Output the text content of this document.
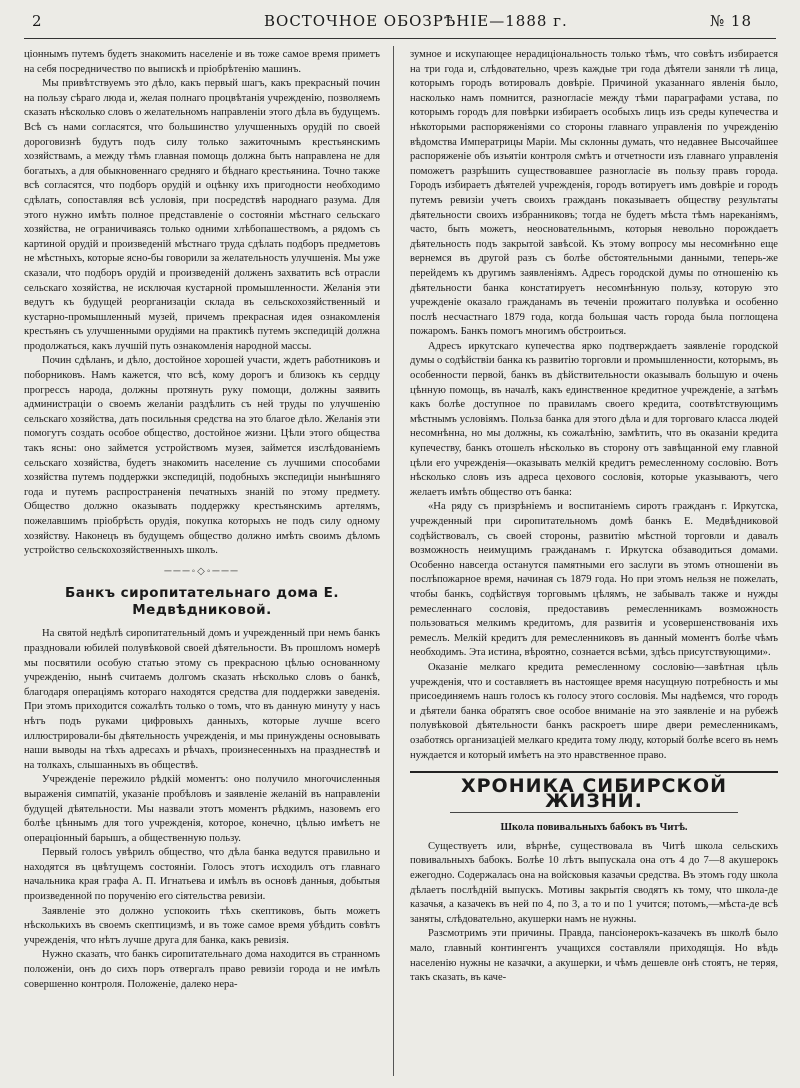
2	ВОСТОЧНОЕ ОБОЗРѢНІЕ—1888 г.	№ 18

ціоннымъ путемъ будетъ знакомить населеніе и въ тоже самое время приметъ на себя посредничество по выпискѣ и пріобрѣтенію машинъ.

Мы привѣтствуемъ это дѣло, какъ первый шагъ, какъ прекрасный почин на пользу сѣраго люда и, желая полнаго процвѣтанія учрежденію, позволяемъ сказать нѣсколько словъ о желательномъ направленіи этого дѣла въ будущемъ. Всѣ съ нами согласятся, что большинство улучшенныхъ орудій по своей дороговизнѣ будутъ подъ силу только зажиточнымъ крестьянскимъ хозяйствамъ, а между тѣмъ главная помощь должна быть направлена не для богатыхъ, а для обыкновеннаго средняго и бѣднаго крестьянина. Точно также всѣ согласятся, что подборъ орудій и оцѣнку ихъ пригодности необходимо сдѣлать, сопоставляя всѣ условія, при посредствѣ народнаго разума. Для этого нужно имѣть полное представленіе о состояніи мѣстнаго сельскаго хозяйства, не ограничиваясь только одними хлѣбопашествомъ, а рядомъ съ картиной орудій и произведеній мѣстнаго труда сдѣлать подборъ предметовъ не мѣстныхъ, которые ясно-бы говорили за желательность улучшенія. Мы уже сказали, что подборъ орудій и произведеній долженъ захватить всѣ отрасли сельскаго хозяйства, не исключая кустарной промышленности. Желанія эти ведутъ къ будущей реорганизаціи склада въ сельскохозяйственный и кустарно-промышленный музей, причемъ прекрасная идея ознакомленія крестьянъ съ улучшенными орудіями на практикѣ путемъ экспедицій должна продолжаться, какъ лучшій путь ознакомленія народной массы.

Почин сдѣланъ, и дѣло, достойное хорошей участи, ждетъ работниковъ и поборниковъ. Намъ кажется, что всѣ, кому дорогъ и близокъ къ сердцу прогрессъ народа, должны протянуть руку помощи, должны заявить администраціи о своемъ желаніи раздѣлить съ ней труды по улучшенію сельскаго хозяйства, дать посильныя средства на это благое дѣло. Желанія эти помогутъ создать особое общество, достойное жизни. Цѣли этого общества такъ ясны: оно займется устройствомъ музея, займется изслѣдованіемъ сельскаго хозяйства, будетъ знакомить население съ лучшими способами хозяйства путемъ поддержки экспедицій, подобныхъ экспедиціи нынѣшняго года и путемъ распространенія печатныхъ знаній по этому предмету. Общество должно оказывать поддержку крестьянскимъ артелямъ, пожелавшимъ пріобрѣсть орудія, покупка которыхъ не подъ силу одному хозяйству. Наконецъ въ будущемъ общество должно имѣть своимъ дѣломъ устройство сельскохозяйственныхъ школъ.

───◦◇◦───
Банкъ сиропитательнаго дома Е. Медвѣдниковой.

На святой недѣлѣ сиропитательный домъ и учрежденный при немъ банкъ праздновали юбилей полувѣковой своей дѣятельности. Въ прошломъ номерѣ мы посвятили особую статью этому съ прекрасною цѣлью основанному учрежденію, нынѣ считаемъ долгомъ сказать нѣсколько словъ о банкѣ, благодаря операціямъ котораго находятся средства для поддержки заведенія. При этомъ приходится сожалѣть только о томъ, что въ данную минуту у насъ нѣтъ подъ руками цифровыхъ данныхъ, которые лучше всего иллюстрировали-бы дѣятельность учрежденія, и мы принуждены основывать наши выводы на тѣхъ адресахъ и рѣчахъ, произнесенныхъ на празднествѣ и на толкахъ, слышанныхъ въ обществѣ.

Учрежденіе пережило рѣдкій моментъ: оно получило многочисленныя выраженія симпатій, указаніе пробѣловъ и заявленіе желаній въ направленіи будущей дѣятельности. Мы назвали этотъ моментъ рѣдкимъ, назовемъ его болѣе цѣннымъ для того учрежденія, которое, конечно, цѣлью имѣетъ не операціонный барышъ, а общественную пользу.

Первый голосъ увѣрилъ общество, что дѣла банка ведутся правильно и находятся въ цвѣтущемъ состояніи. Голосъ этотъ исходилъ отъ главнаго начальника края графа А. П. Игнатьева и имѣлъ въ основѣ данныя, добытыя произведенной по порученію его сіятельства ревизіи.

Заявленіе это должно успокоить тѣхъ скептиковъ, быть можетъ нѣсколькихъ въ своемъ скептицизмѣ, и въ тоже самое время убѣдить совѣтъ учрежденія, что нѣтъ лучше друга для банка, какъ ревизія.

Нужно сказать, что банкъ сиропитательнаго дома находится въ странномъ положеніи, онъ до сихъ поръ отвергалъ право ревизіи города и не имѣлъ совершенно контроля. Положеніе, далеко нера-

зумное и искупающее нерадиціональность только тѣмъ, что совѣтъ избирается на три года и, слѣдовательно, чрезъ каждые три года дѣятели заняли тѣ лица, которымъ городъ вотировалъ довѣріе. Причиной указаннаго явленія было, насколько намъ помнится, разногласіе между тѣми параграфами устава, по которымъ городъ для повѣрки избираетъ особыхъ лицъ изъ среды купечества и нѣкоторыми распоряженіями со стороны главнаго управленія по учрежденію вѣдомства Императрицы Маріи. Мы склонны думать, что недавнее Высочайшее распоряженіе объ изъятіи контроля смѣтъ и отчетности изъ главнаго управленія поможетъ разрѣшить существовавшее разногласіе въ пользу правъ города. Городъ избираетъ дѣятелей учрежденія, городъ вотируетъ имъ довѣріе и городъ путемъ ревизіи учетъ своихъ гражданъ показываетъ обществу результаты дѣятельности своихъ избранниковъ; тогда не будетъ мѣста тѣмъ нареканіямъ, часто, быть можетъ, неосновательнымъ, которыя невольно порождаетъ дѣятельность подъ закрытой завѣсой. Къ этому вопросу мы несомнѣнно еще вернемся въ другой разъ съ болѣе обстоятельными данными, теперь-же перейдемъ къ другимъ заявленіямъ. Адресъ городской думы по отношенію къ дѣятельности банка констатируетъ несомнѣнную пользу, которую это учрежденіе оказало гражданамъ въ теченіи прожитаго полувѣка и особенно послѣ несчастнаго 1879 года, когда большая часть города была поглощена пожаромъ. Банкъ помогъ многимъ обстроиться.

Адресъ иркутскаго купечества ярко подтверждаетъ заявленіе городской думы о содѣйствіи банка къ развитію торговли и промышленности, которымъ, въ особенности первой, банкъ въ дѣйствительности оказывалъ большую и очень цѣнную помощь, въ началѣ, какъ единственное кредитное учрежденіе, а затѣмъ какъ болѣе доступное по правиламъ своего кредита, соотвѣтствующимъ мѣстнымъ условіямъ. Польза банка для этого дѣла и для торговаго класса людей несомнѣнна, но мы должны, къ сожалѣнію, замѣтить, что въ оказаніи кредита купечеству, банкъ отошелъ нѣсколько въ сторону отъ завѣщанной ему главной цѣли его учрежденія—оказывать мелкій кредитъ ремесленному сословію. Вотъ нѣсколько словъ изъ адреса цехового сословія, которые указываютъ, чего желаетъ имѣть общество отъ банка:

«На ряду съ призрѣніемъ и воспитаніемъ сиротъ гражданъ г. Иркутска, учрежденный при сиропитательномъ домѣ банкъ Е. Медвѣдниковой содѣйствовалъ, съ своей стороны, развитію мѣстной торговли и давалъ возможность неимущимъ гражданамъ г. Иркутска обзаводиться домами. Особенно навсегда останутся памятными его заслуги въ этомъ отношеніи въ послѣпожарное время, начиная съ 1879 года. Но при этомъ нельзя не пожелать, чтобы банкъ, содѣйствуя торговымъ цѣлямъ, не забывалъ также и нужды ремесленнаго сословія, предоставивъ ремесленникамъ возможность пользоваться мелкимъ кредитомъ, для развитія и усовершенствованія ихъ ремеслъ. Мелкій кредитъ для ремесленниковъ въ данный моментъ болѣе чѣмъ необходимъ. Эта истина, вѣроятно, сознается всѣми, здѣсь присутствующими».

Оказаніе мелкаго кредита ремесленному сословію—завѣтная цѣль учрежденія, что и составляетъ въ настоящее время насущную потребность и мы присоединяемъ нашъ голосъ къ голосу этого сословія. Мы надѣемся, что городъ и дѣятели банка обратятъ свое особое вниманіе на это заявленіе и на рубежѣ полувѣковой дѣятельности банкъ раскроетъ шире двери ремесленникамъ, озаботясь организаціей мелкаго кредита тому люду, который болѣе всего въ немъ нуждается и который имѣетъ на это нравственное право.

ХРОНИКА СИБИРСКОЙ ЖИЗНИ.
Школа повивальныхъ бабокъ въ Читѣ.

Существуетъ или, вѣрнѣе, существовала въ Читѣ школа сельскихъ повивальныхъ бабокъ. Болѣе 10 лѣтъ выпускала она отъ 4 до 7—8 акушерокъ ежегодно. Содержалась она на войсковыя казачьи средства. Въ этомъ году школа дѣлаетъ послѣдній выпускъ. Мотивы закрытія сводятъ къ тому, что школа-де казачья, а казачекъ въ ней по 4, по 3, а то и по 1 учится; потомъ,—мѣста-де всѣ заняты, слѣдовательно, акушерки намъ не нужны.

Разсмотримъ эти причины. Правда, пансіонерокъ-казачекъ въ школѣ было мало, главный контингентъ учащихся составляли приходящія. Но вѣдь населенію нужны не казачки, а акушерки, и чѣмъ дешевле онѣ стоятъ, не теряя, такъ сказать, въ каче-
